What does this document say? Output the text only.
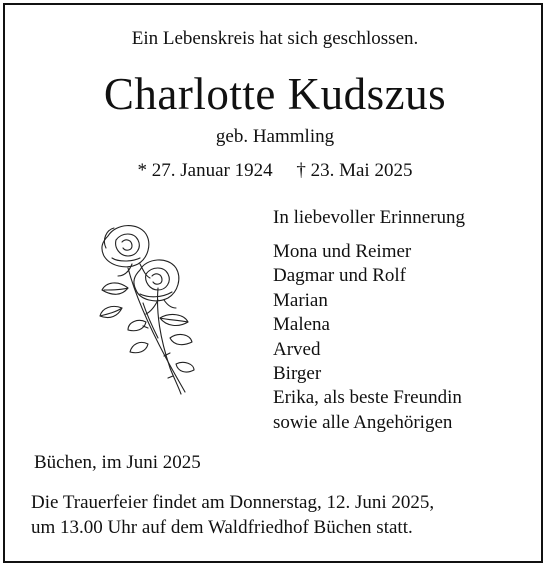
Ein Lebenskreis hat sich geschlossen.
Charlotte Kudszus
geb. Hammling
* 27. Januar 1924 † 23. Mai 2025
In liebevoller Erinnerung
Mona und Reimer
Dagmar und Rolf
Marian
Malena
Arved
Birger
Erika, als beste Freundin
sowie alle Angehörigen
Büchen, im Juni 2025
Die Trauerfeier findet am Donnerstag, 12. Juni 2025,
um 13.00 Uhr auf dem Waldfriedhof Büchen statt.
